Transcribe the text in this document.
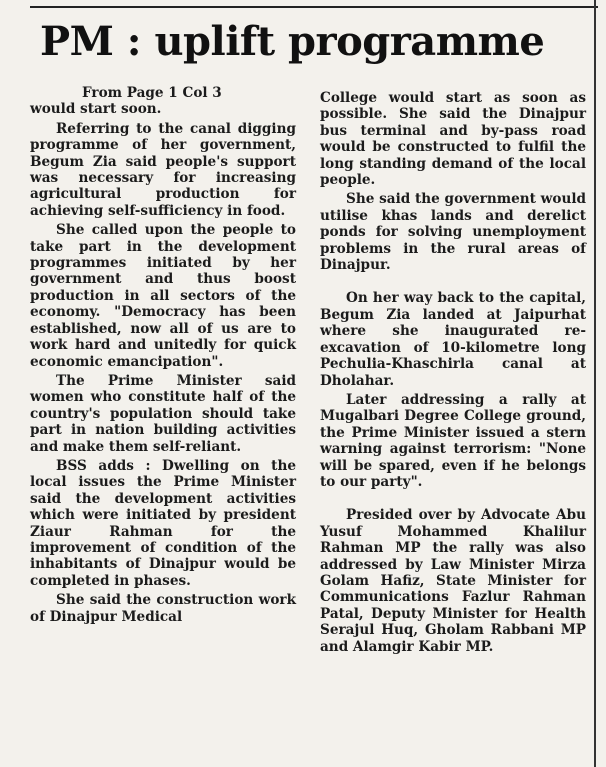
PM : uplift programme

From Page 1 Col 3

would start soon.

Referring to the canal digging programme of her government, Begum Zia said people's support was necessary for increasing agricultural production for achieving self-sufficiency in food.

She called upon the people to take part in the development programmes initiated by her government and thus boost production in all sectors of the economy. "Democracy has been established, now all of us are to work hard and unitedly for quick economic emancipation".

The Prime Minister said women who constitute half of the country's population should take part in nation building activities and make them self-reliant.

BSS adds : Dwelling on the local issues the Prime Minister said the development activities which were initiated by president Ziaur Rahman for the improvement of condition of the inhabitants of Dinajpur would be completed in phases.

She said the construction work of Dinajpur Medical

College would start as soon as possible. She said the Dinajpur bus terminal and by-pass road would be constructed to fulfil the long standing demand of the local people.

She said the government would utilise khas lands and derelict ponds for solving unemployment problems in the rural areas of Dinajpur.

On her way back to the capital, Begum Zia landed at Jaipurhat where she inaugurated re-excavation of 10-kilometre long Pechulia-Khaschirla canal at Dholahar.

Later addressing a rally at Mugalbari Degree College ground, the Prime Minister issued a stern warning against terrorism: "None will be spared, even if he belongs to our party".

Presided over by Advocate Abu Yusuf Mohammed Khalilur Rahman MP the rally was also addressed by Law Minister Mirza Golam Hafiz, State Minister for Communications Fazlur Rahman Patal, Deputy Minister for Health Serajul Huq, Gholam Rabbani MP and Alamgir Kabir MP.
